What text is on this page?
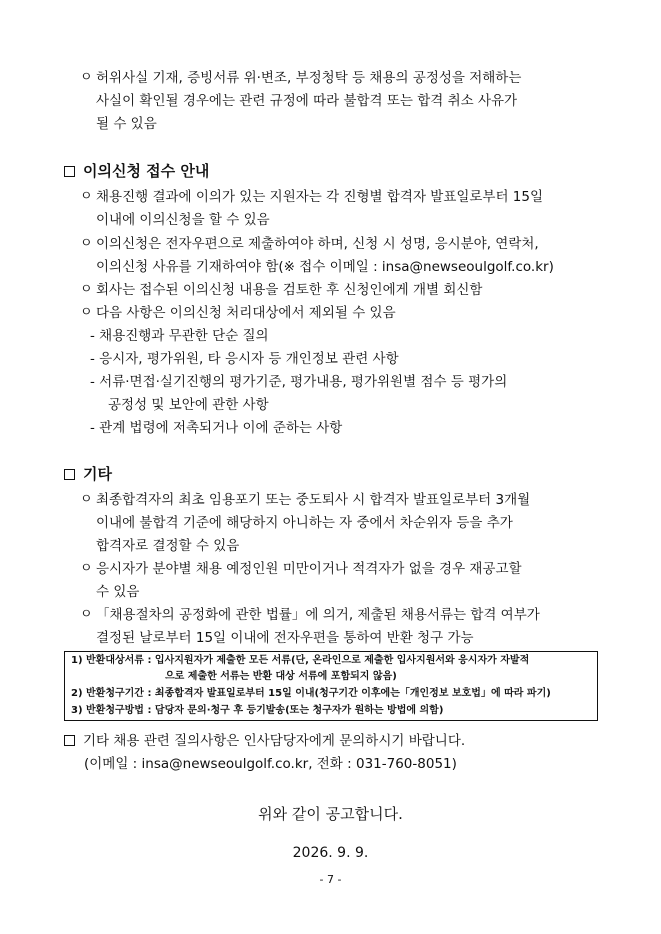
ㅇ 허위사실 기재, 증빙서류 위·변조, 부정청탁 등 채용의 공정성을 저해하는
사실이 확인될 경우에는 관련 규정에 따라 불합격 또는 합격 취소 사유가
될 수 있음
이의신청 접수 안내
ㅇ 채용진행 결과에 이의가 있는 지원자는 각 진형별 합격자 발표일로부터 15일
이내에 이의신청을 할 수 있음
ㅇ 이의신청은 전자우편으로 제출하여야 하며, 신청 시 성명, 응시분야, 연락처,
이의신청 사유를 기재하여야 함(※ 접수 이메일 : insa@newseoulgolf.co.kr)
ㅇ 회사는 접수된 이의신청 내용을 검토한 후 신청인에게 개별 회신함
ㅇ 다음 사항은 이의신청 처리대상에서 제외될 수 있음
- 채용진행과 무관한 단순 질의
- 응시자, 평가위원, 타 응시자 등 개인정보 관련 사항
- 서류·면접·실기진행의 평가기준, 평가내용, 평가위원별 점수 등 평가의
공정성 및 보안에 관한 사항
- 관계 법령에 저촉되거나 이에 준하는 사항
기타
ㅇ 최종합격자의 최초 임용포기 또는 중도퇴사 시 합격자 발표일로부터 3개월
이내에 불합격 기준에 해당하지 아니하는 자 중에서 차순위자 등을 추가
합격자로 결정할 수 있음
ㅇ 응시자가 분야별 채용 예정인원 미만이거나 적격자가 없을 경우 재공고할
수 있음
ㅇ 「채용절차의 공정화에 관한 법률」에 의거, 제출된 채용서류는 합격 여부가
결정된 날로부터 15일 이내에 전자우편을 통하여 반환 청구 가능
1) 반환대상서류 : 입사지원자가 제출한 모든 서류(단, 온라인으로 제출한 입사지원서와 응시자가 자발적
으로 제출한 서류는 반환 대상 서류에 포함되지 않음)
2) 반환청구기간 : 최종합격자 발표일로부터 15일 이내(청구기간 이후에는「개인정보 보호법」에 따라 파기)
3) 반환청구방법 : 담당자 문의·청구 후 등기발송(또는 청구자가 원하는 방법에 의함)
기타 채용 관련 질의사항은 인사담당자에게 문의하시기 바랍니다.
(이메일 : insa@newseoulgolf.co.kr, 전화 : 031-760-8051)
위와 같이 공고합니다.
2026. 9. 9.
- 7 -
